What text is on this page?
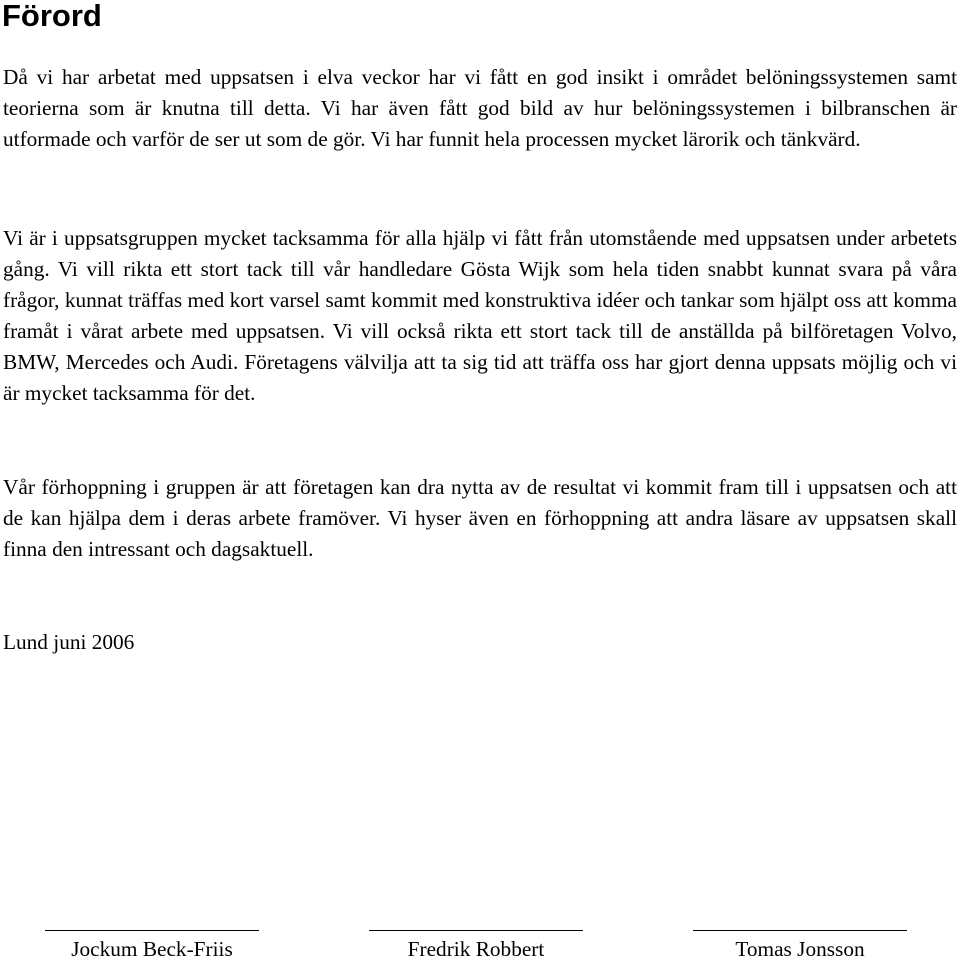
Förord

Då vi har arbetat med uppsatsen i elva veckor har vi fått en god insikt i området belöningssystemen samt teorierna som är knutna till detta. Vi har även fått god bild av hur belöningssystemen i bilbranschen är utformade och varför de ser ut som de gör. Vi har funnit hela processen mycket lärorik och tänkvärd.

Vi är i uppsatsgruppen mycket tacksamma för alla hjälp vi fått från utomstående med uppsatsen under arbetets gång. Vi vill rikta ett stort tack till vår handledare Gösta Wijk som hela tiden snabbt kunnat svara på våra frågor, kunnat träffas med kort varsel samt kommit med konstruktiva idéer och tankar som hjälpt oss att komma framåt i vårat arbete med uppsatsen. Vi vill också rikta ett stort tack till de anställda på bilföretagen Volvo, BMW, Mercedes och Audi. Företagens välvilja att ta sig tid att träffa oss har gjort denna uppsats möjlig och vi är mycket tacksamma för det.

Vår förhoppning i gruppen är att företagen kan dra nytta av de resultat vi kommit fram till i uppsatsen och att de kan hjälpa dem i deras arbete framöver. Vi hyser även en förhoppning att andra läsare av uppsatsen skall finna den intressant och dagsaktuell.

Lund juni 2006

Jockum Beck-Friis	Fredrik Robbert	Tomas Jonsson
